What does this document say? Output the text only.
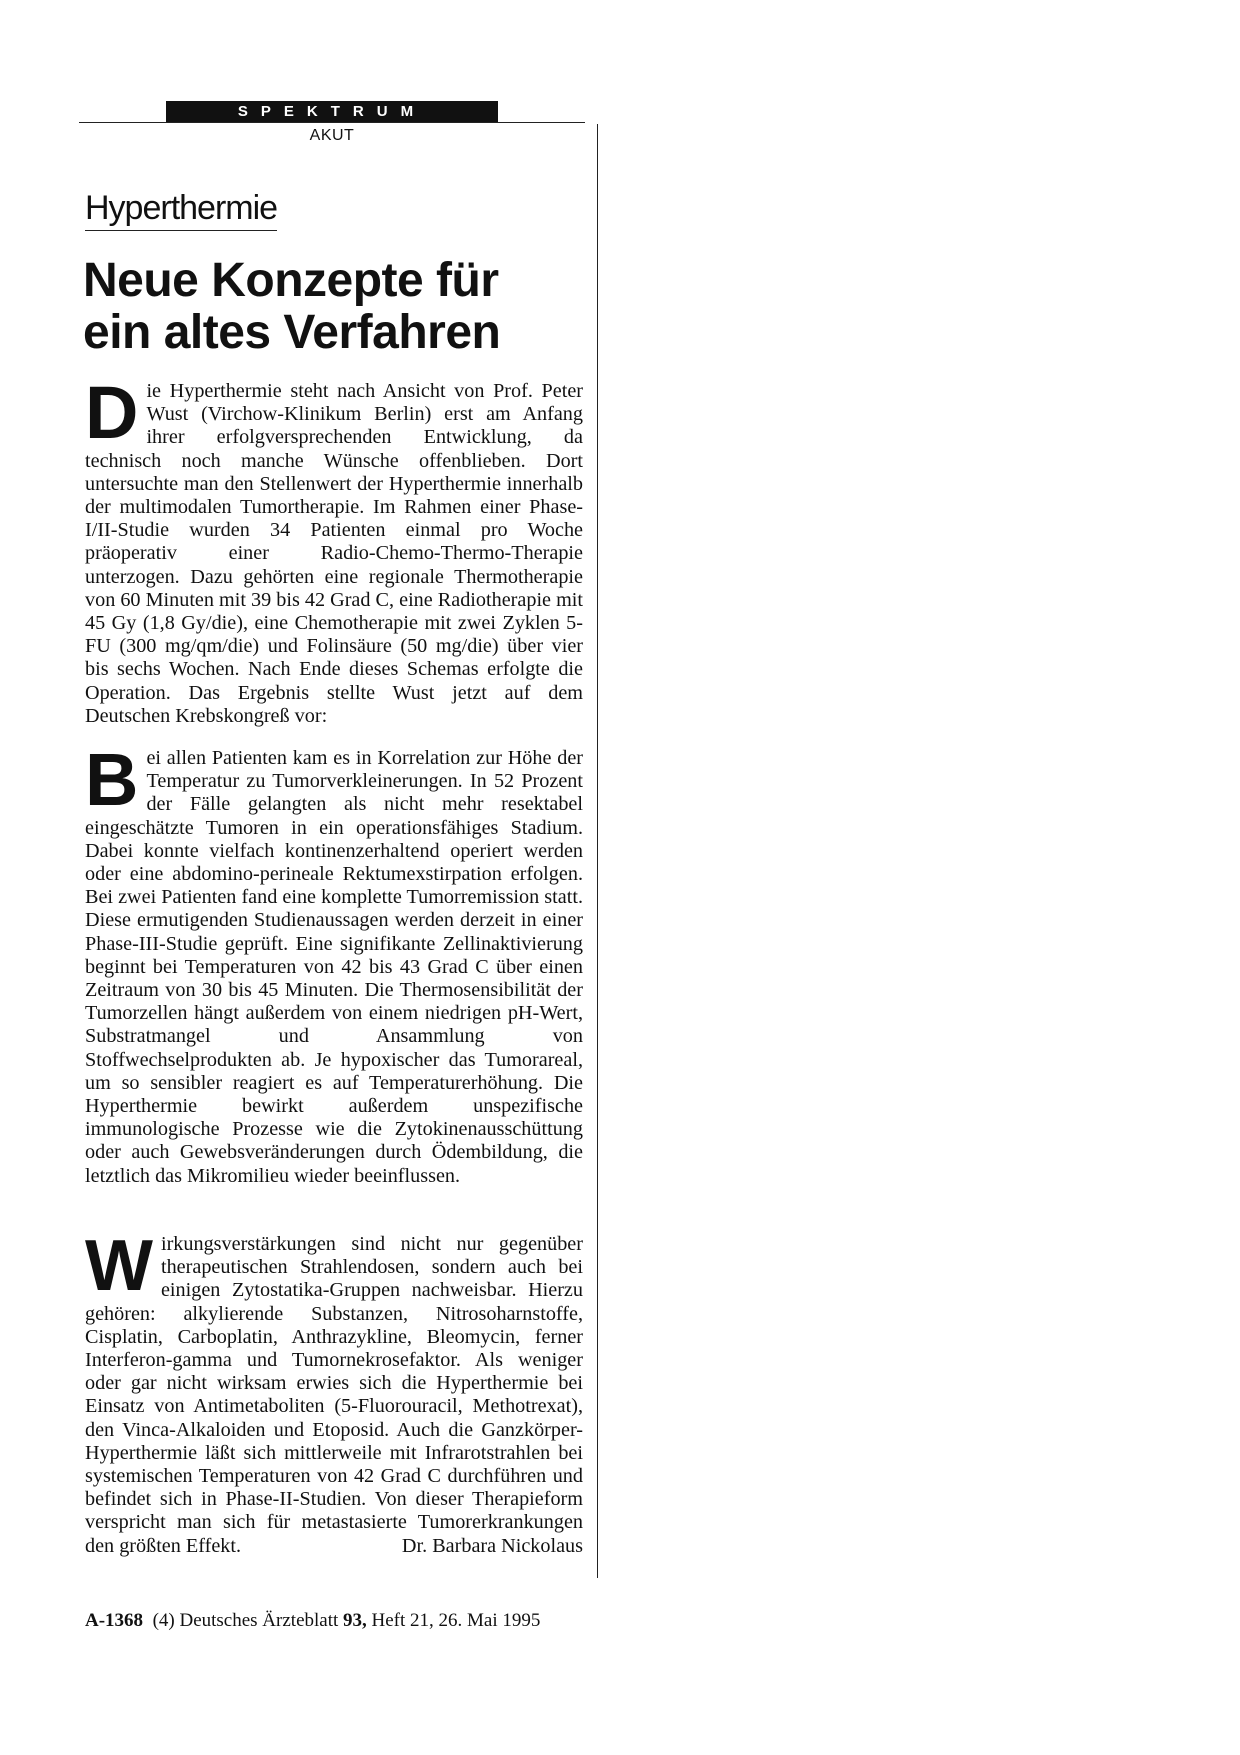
SPEKTRUM
AKUT
Hyperthermie
Neue Konzepte für
ein altes Verfahren

Die Hyperthermie steht nach Ansicht von Prof. Peter Wust (Virchow-Klinikum Berlin) erst am Anfang ihrer erfolgversprechenden Entwicklung, da technisch noch manche Wünsche offenblieben. Dort untersuchte man den Stellenwert der Hyperthermie innerhalb der multimodalen Tumortherapie. Im Rahmen einer Phase-I/II-Studie wurden 34 Patienten einmal pro Woche präoperativ einer Radio-Chemo-Thermo-Therapie unterzogen. Dazu gehörten eine regionale Thermotherapie von 60 Minuten mit 39 bis 42 Grad C, eine Radiotherapie mit 45 Gy (1,8 Gy/die), eine Chemotherapie mit zwei Zyklen 5-FU (300 mg/qm/die) und Folinsäure (50 mg/die) über vier bis sechs Wochen. Nach Ende dieses Schemas erfolgte die Operation. Das Ergebnis stellte Wust jetzt auf dem Deutschen Krebskongreß vor:

Bei allen Patienten kam es in Korrelation zur Höhe der Temperatur zu Tumorverkleinerungen. In 52 Prozent der Fälle gelangten als nicht mehr resektabel eingeschätzte Tumoren in ein operationsfähiges Stadium. Dabei konnte vielfach kontinenzerhaltend operiert werden oder eine abdomino-perineale Rektumexstirpation erfolgen. Bei zwei Patienten fand eine komplette Tumorremission statt. Diese ermutigenden Studienaussagen werden derzeit in einer Phase-III-Studie geprüft. Eine signifikante Zellinaktivierung beginnt bei Temperaturen von 42 bis 43 Grad C über einen Zeitraum von 30 bis 45 Minuten. Die Thermosensibilität der Tumorzellen hängt außerdem von einem niedrigen pH-Wert, Substratmangel und Ansammlung von Stoffwechselprodukten ab. Je hypoxischer das Tumorareal, um so sensibler reagiert es auf Temperaturerhöhung. Die Hyperthermie bewirkt außerdem unspezifische immunologische Prozesse wie die Zytokinenausschüttung oder auch Gewebsveränderungen durch Ödembildung, die letztlich das Mikromilieu wieder beeinflussen.

Wirkungsverstärkungen sind nicht nur gegenüber therapeutischen Strahlendosen, sondern auch bei einigen Zytostatika-Gruppen nachweisbar. Hierzu gehören: alkylierende Substanzen, Nitrosoharnstoffe, Cisplatin, Carboplatin, Anthrazykline, Bleomycin, ferner Interferon-gamma und Tumornekrosefaktor. Als weniger oder gar nicht wirksam erwies sich die Hyperthermie bei Einsatz von Antimetaboliten (5-Fluorouracil, Methotrexat), den Vinca-Alkaloiden und Etoposid. Auch die Ganzkörper-Hyperthermie läßt sich mittlerweile mit Infrarotstrahlen bei systemischen Temperaturen von 42 Grad C durchführen und befindet sich in Phase-II-Studien. Von dieser Therapieform verspricht man sich für metastasierte Tumorerkrankungen den größten Effekt.	Dr. Barbara Nickolaus

A-1368 (4) Deutsches Ärzteblatt 93, Heft 21, 26. Mai 1995
